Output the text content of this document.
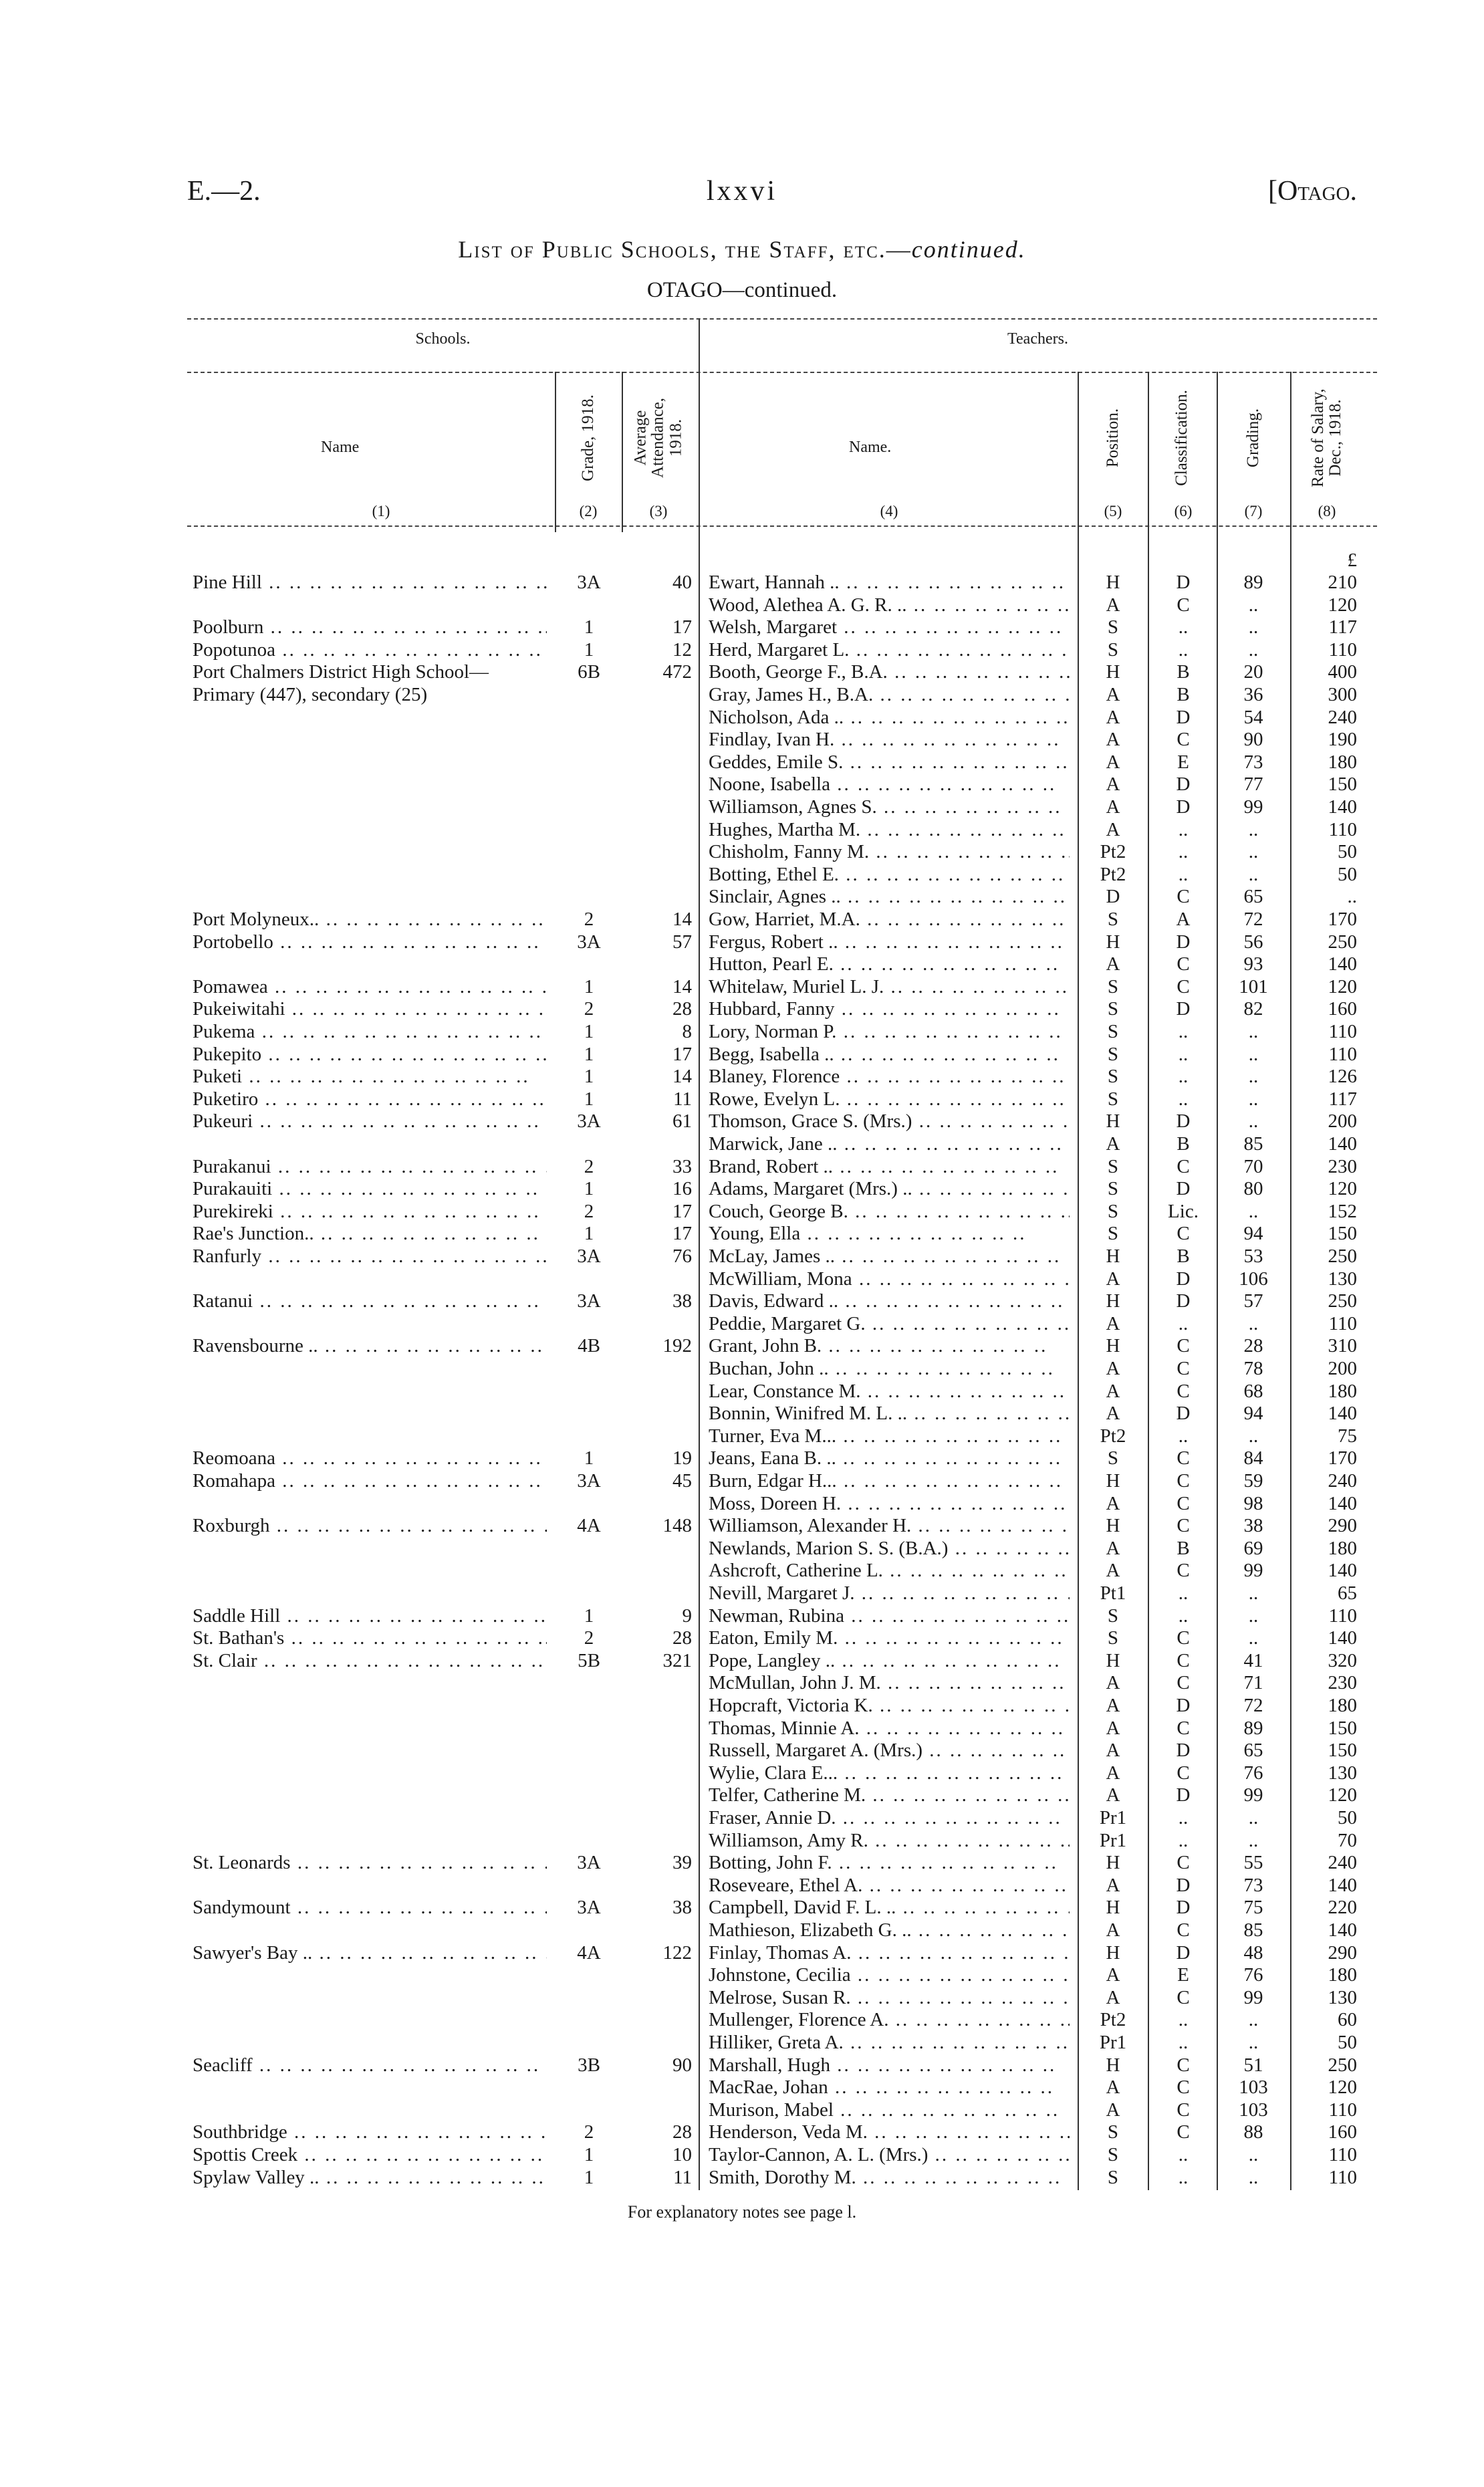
E.—2.	lxxvi	[Otago.
List of Public Schools, the Staff, etc.—continued.
OTAGO—continued.
Schools.	Teachers.
Name	Grade, 1918. Average Attendance, 1918.	Name.	Position.	Classification.	Grading.	Rate of Salary, Dec., 1918.
(1)	(2)	(3)	(4)	(5)	(6)	(7)	(8)
£
Pine Hill .. .	3A	40 Ewart, Hannah .. .. .	H	D	89	210
Wood, Alethea A. G. R. .. .. .	A	C	..	120
Poolburn .. .	1	17 Welsh, Margaret .. .	S	..	..	117
Popotunoa .. .	1	12 Herd, Margaret L. .. .	S	..	..	110
Port Chalmers District High School—	6B	472 Booth, George F., B.A. .. .	H	B	20	400
Primary (447), secondary (25)	Gray, James H., B.A. .. .	A	B	36	300
Nicholson, Ada .. .. .	A	D	54	240
Findlay, Ivan H. .. .	A	C	90	190
Geddes, Emile S. .. .	A	E	73	180
Noone, Isabella .. .	A	D	77	150
Williamson, Agnes S. .. .	A	D	99	140
Hughes, Martha M. .. .	A	..	..	110
Chisholm, Fanny M. .. .	Pt2	..	..	50
Botting, Ethel E. .. .	Pt2	..	..	50
Sinclair, Agnes .. .. .	D	C	65	..
Port Molyneux.. .. .	2	14 Gow, Harriet, M.A. .. .	S	A	72	170
Portobello .. .	3A	57 Fergus, Robert .. .. .	H	D	56	250
Hutton, Pearl E. .. .	A	C	93	140
Pomawea .. .	1	14 Whitelaw, Muriel L. J. .. .	S	C	101	120
Pukeiwitahi .. .	2	28 Hubbard, Fanny .. .	S	D	82	160
Pukema .. .	1	8 Lory, Norman P. .. .	S	..	..	110
Pukepito .. .	1	17 Begg, Isabella .. .. .	S	..	..	110
Puketi .. .	1	14 Blaney, Florence .. .	S	..	..	126
Puketiro .. .	1	11 Rowe, Evelyn L. .. .	S	..	..	117
Pukeuri .. .	3A	61 Thomson, Grace S. (Mrs.) .. .	H	D	..	200
Marwick, Jane .. .. .	A	B	85	140
Purakanui .. .	2	33 Brand, Robert .. .. .	S	C	70	230
Purakauiti .. .	1	16 Adams, Margaret (Mrs.) .. .. .	S	D	80	120
Purekireki .. .	2	17 Couch, George B. .. .	S	Lic.	..	152
Rae's Junction.. .. .	1	17 Young, Ella .. .	S	C	94	150
Ranfurly .. .	3A	76 McLay, James .. .. .	H	B	53	250
McWilliam, Mona .. .	A	D	106	130
Ratanui .. .	3A	38 Davis, Edward .. .. .	H	D	57	250
Peddie, Margaret G. .. .	A	..	..	110
Ravensbourne .. .. .	4B	192 Grant, John B. .. .	H	C	28	310
Buchan, John .. .. .	A	C	78	200
Lear, Constance M. .. .	A	C	68	180
Bonnin, Winifred M. L. .. .. .	A	D	94	140
Turner, Eva M... .. .	Pt2	..	..	75
Reomoana .. .	1	19 Jeans, Eana B. .. .. .	S	C	84	170
Romahapa .. .	3A	45 Burn, Edgar H... .. .	H	C	59	240
Moss, Doreen H. .. .	A	C	98	140
Roxburgh .. .	4A	148 Williamson, Alexander H. .. .	H	C	38	290
Newlands, Marion S. S. (B.A.) .. .	A	B	69	180
Ashcroft, Catherine L. .. .	A	C	99	140
Nevill, Margaret J. .. .	Pt1	..	..	65
Saddle Hill .. .	1	9 Newman, Rubina .. .	S	..	..	110
St. Bathan's .. .	2	28 Eaton, Emily M. .. .	S	C	..	140
St. Clair .. .	5B	321 Pope, Langley .. .. .	H	C	41	320
McMullan, John J. M. .. .	A	C	71	230
Hopcraft, Victoria K. .. .	A	D	72	180
Thomas, Minnie A. .. .	A	C	89	150
Russell, Margaret A. (Mrs.) .. .	A	D	65	150
Wylie, Clara E... .. .	A	C	76	130
Telfer, Catherine M. .. .	A	D	99	120
Fraser, Annie D. .. .	Pr1	..	..	50
Williamson, Amy R. .. .	Pr1	..	..	70
St. Leonards .. .	3A	39 Botting, John F. .. .	H	C	55	240
Roseveare, Ethel A. .. .	A	D	73	140
Sandymount .. .	3A	38 Campbell, David F. L. .. .. .	H	D	75	220
Mathieson, Elizabeth G. .. .. .	A	C	85	140
Sawyer's Bay .. .. .	4A	122 Finlay, Thomas A. .. .	H	D	48	290
Johnstone, Cecilia .. .	A	E	76	180
Melrose, Susan R. .. .	A	C	99	130
Mullenger, Florence A. .. .	Pt2	..	..	60
Hilliker, Greta A. .. .	Pr1	..	..	50
Seacliff .. .	3B	90 Marshall, Hugh .. .	H	C	51	250
MacRae, Johan .. .	A	C	103	120
Murison, Mabel .. .	A	C	103	110
Southbridge .. .	2	28 Henderson, Veda M. .. .	S	C	88	160
Spottis Creek .. .	1	10 Taylor-Cannon, A. L. (Mrs.) .. .	S	..	..	110
Spylaw Valley .. .. .	1	11 Smith, Dorothy M. .. .	S	..	..	110
For explanatory notes see page l.
